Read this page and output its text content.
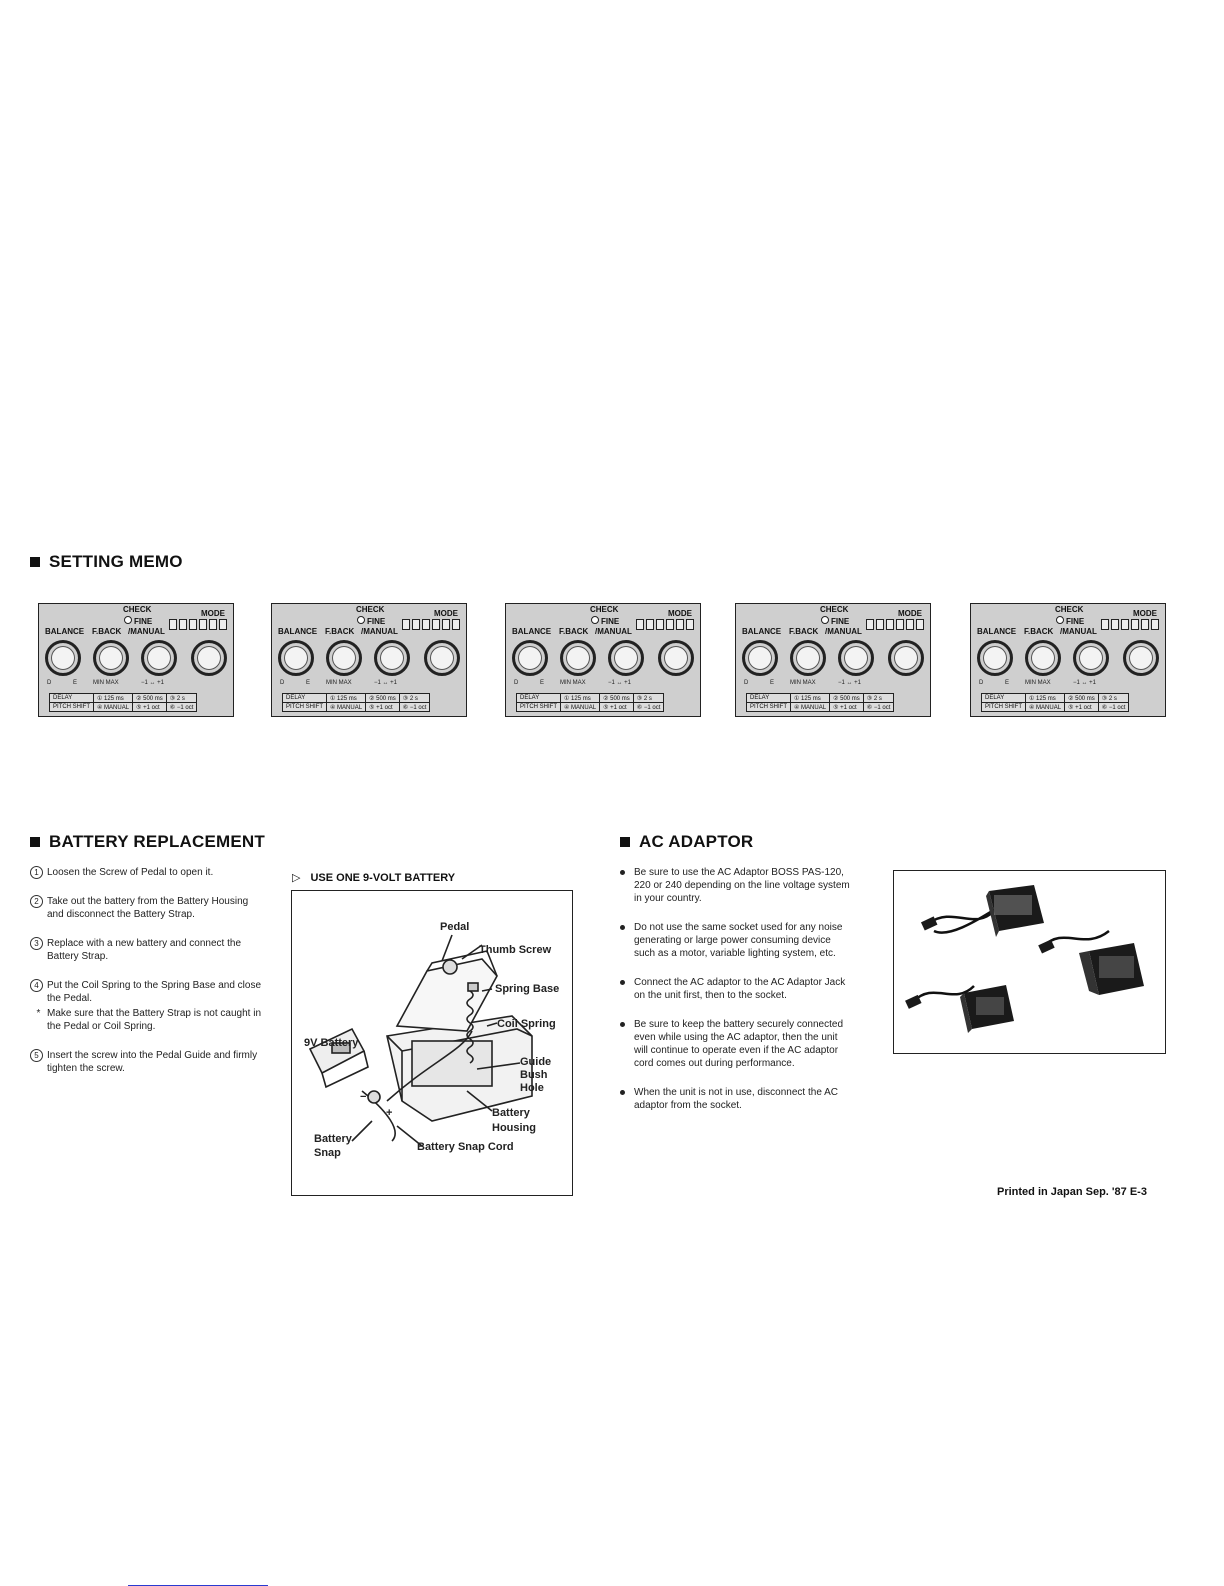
SETTING MEMO
CHECK
FINE
MODE
BALANCE F.BACK /MANUAL
D	E	MIN MAX	−1 ↔ +1
DELAY	① 125 ms	② 500 ms	③ 2 s
PITCH SHIFT	④ MANUAL	⑤ +1 oct	⑥ −1 oct
CHECK
FINE
MODE
BALANCE F.BACK /MANUAL
D	E	MIN MAX	−1 ↔ +1
DELAY	① 125 ms	② 500 ms	③ 2 s
PITCH SHIFT	④ MANUAL	⑤ +1 oct	⑥ −1 oct
CHECK
FINE
MODE
BALANCE F.BACK /MANUAL
D	E	MIN MAX	−1 ↔ +1
DELAY	① 125 ms	② 500 ms	③ 2 s
PITCH SHIFT	④ MANUAL	⑤ +1 oct	⑥ −1 oct
CHECK
FINE
MODE
BALANCE F.BACK /MANUAL
D	E	MIN MAX	−1 ↔ +1
DELAY	① 125 ms	② 500 ms	③ 2 s
PITCH SHIFT	④ MANUAL	⑤ +1 oct	⑥ −1 oct
CHECK
FINE
MODE
BALANCE F.BACK /MANUAL
D	E	MIN MAX	−1 ↔ +1
DELAY	① 125 ms	② 500 ms	③ 2 s
PITCH SHIFT	④ MANUAL	⑤ +1 oct	⑥ −1 oct
BATTERY REPLACEMENT
1 Loosen the Screw of Pedal to open it.
2 Take out the battery from the Battery Housing and disconnect the Battery Strap.
3 Replace with a new battery and connect the Battery Strap.
4 Put the Coil Spring to the Spring Base and close the Pedal.
* Make sure that the Battery Strap is not caught in the Pedal or Coil Spring.
5 Insert the screw into the Pedal Guide and firmly tighten the screw.
▷ USE ONE 9-VOLT BATTERY
Pedal
Thumb Screw
Spring Base
Coil Spring
9V Battery
Guide
Bush
Hole
Battery
Housing
Battery
Snap	Battery Snap Cord
+
−
AC ADAPTOR
Be sure to use the AC Adaptor BOSS PAS-120, 220 or 240 depending on the line voltage system in your country.
Do not use the same socket used for any noise generating or large power consuming device such as a motor, variable lighting system, etc.
Connect the AC adaptor to the AC Adaptor Jack on the unit first, then to the socket.
Be sure to keep the battery securely connected even while using the AC adaptor, then the unit will continue to operate even if the AC adaptor cord comes out during performance.
When the unit is not in use, disconnect the AC adaptor from the socket.
Printed in Japan Sep. '87 E-3
